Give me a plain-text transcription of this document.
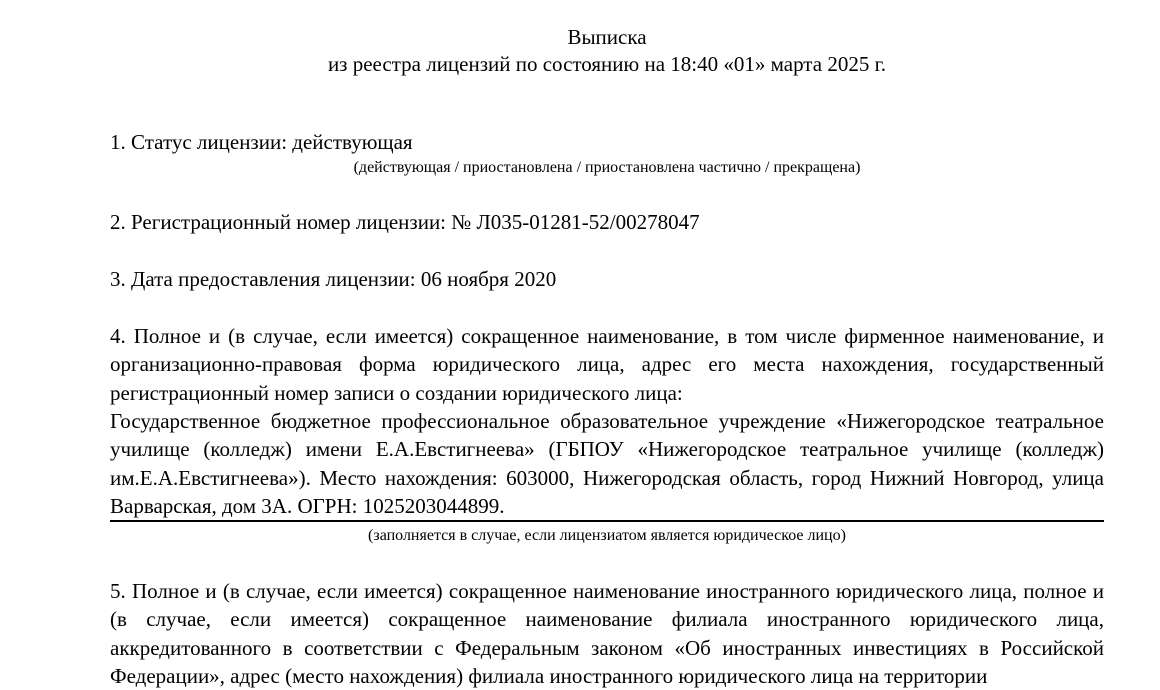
Выписка
из реестра лицензий по состоянию на 18:40 «01» марта 2025 г.
1. Статус лицензии: действующая
(действующая / приостановлена / приостановлена частично / прекращена)
2. Регистрационный номер лицензии: № Л035-01281-52/00278047
3. Дата предоставления лицензии: 06 ноября 2020
4. Полное и (в случае, если имеется) сокращенное наименование, в том числе фирменное наименование, и организационно-правовая форма юридического лица, адрес его места нахождения, государственный регистрационный номер записи о создании юридического лица:
Государственное бюджетное профессиональное образовательное учреждение «Нижегородское театральное училище (колледж) имени Е.А.Евстигнеева» (ГБПОУ «Нижегородское театральное училище (колледж) им.Е.А.Евстигнеева»). Место нахождения: 603000, Нижегородская область, город Нижний Новгород, улица Варварская, дом 3А. ОГРН: 1025203044899.
(заполняется в случае, если лицензиатом является юридическое лицо)
5. Полное и (в случае, если имеется) сокращенное наименование иностранного юридического лица, полное и (в случае, если имеется) сокращенное наименование филиала иностранного юридического лица, аккредитованного в соответствии с Федеральным законом «Об иностранных инвестициях в Российской Федерации», адрес (место нахождения) филиала иностранного юридического лица на территории
